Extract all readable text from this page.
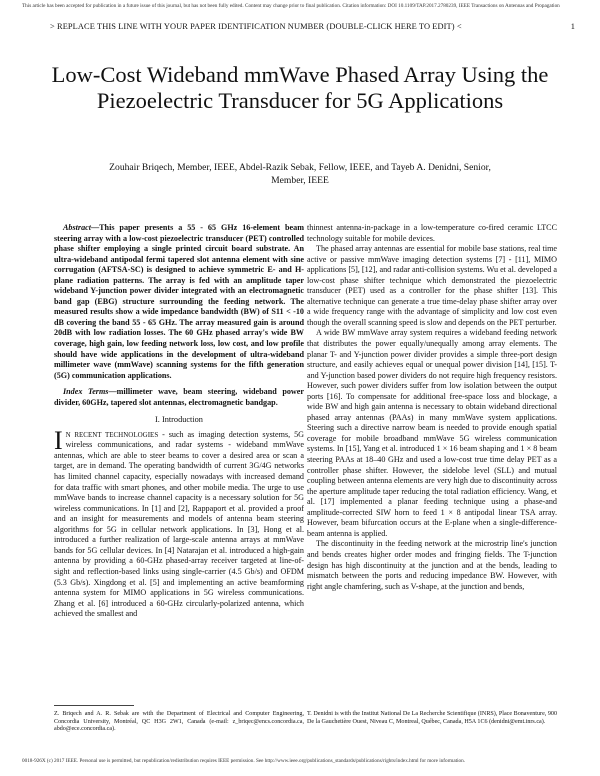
This article has been accepted for publication in a future issue of this journal, but has not been fully edited. Content may change prior to final publication. Citation information: DOI 10.1109/TAP.2017.2780239, IEEE Transactions on Antennas and Propagation
> REPLACE THIS LINE WITH YOUR PAPER IDENTIFICATION NUMBER (DOUBLE-CLICK HERE TO EDIT) <	1
Low-Cost Wideband mmWave Phased Array Using the Piezoelectric Transducer for 5G Applications
Zouhair Briqech, Member, IEEE, Abdel-Razik Sebak, Fellow, IEEE, and Tayeb A. Denidni, Senior, Member, IEEE

Abstract—This paper presents a 55 - 65 GHz 16-element beam steering array with a low-cost piezoelectric transducer (PET) controlled phase shifter employing a single printed circuit board substrate. An ultra-wideband antipodal fermi tapered slot antenna element with sine corrugation (AFTSA-SC) is designed to achieve symmetric E- and H-plane radiation patterns. The array is fed with an amplitude taper wideband Y-junction power divider integrated with an electromagnetic band gap (EBG) structure surrounding the feeding network. The measured results show a wide impedance bandwidth (BW) of S11 < -10 dB covering the band 55 - 65 GHz. The array measured gain is around 20dB with low radiation losses. The 60 GHz phased array's wide BW coverage, high gain, low feeding network loss, low cost, and low profile should have wide applications in the development of ultra-wideband millimeter wave (mmWave) scanning systems for the fifth generation (5G) communication applications.

Index Terms—millimeter wave, beam steering, wideband power divider, 60GHz, tapered slot antennas, electromagnetic bandgap.

I. Introduction

I N RECENT TECHNOLOGIES - such as imaging detection systems, 5G wireless communications, and radar systems - wideband mmWave antennas, which are able to steer beams to cover a desired area or scan a target, are in demand. The operating bandwidth of current 3G/4G networks has limited channel capacity, especially nowadays with increased demand for data traffic with smart phones, and other mobile media. The urge to use mmWave bands to increase channel capacity is a necessary solution for 5G wireless communications. In [1] and [2], Rappaport et al. provided a proof and an insight for measurements and models of antenna beam steering algorithms for 5G in cellular network applications. In [3], Hong et al. introduced a further realization of large-scale antenna arrays at mmWave bands for 5G cellular devices. In [4] Natarajan et al. introduced a high-gain antenna by providing a 60-GHz phased-array receiver targeted at line-of-sight and reflection-based links using single-carrier (4.5 Gb/s) and OFDM (5.3 Gb/s). Xingdong et al. [5] and implementing an active beamforming antenna system for MIMO applications in 5G wireless communications. Zhang et al. [6] introduced a 60-GHz circularly-polarized antenna, which achieved the smallest and

thinnest antenna-in-package in a low-temperature co-fired ceramic LTCC technology suitable for mobile devices.

The phased array antennas are essential for mobile base stations, real time active or passive mmWave imaging detection systems [7] - [11], MIMO applications [5], [12], and radar anti-collision systems. Wu et al. developed a low-cost phase shifter technique which demonstrated the piezoelectric transducer (PET) used as a controller for the phase shifter [13]. This alternative technique can generate a true time-delay phase shifter array over a wide frequency range with the advantage of simplicity and low cost even though the overall scanning speed is slow and depends on the PET perturber.

A wide BW mmWave array system requires a wideband feeding network that distributes the power equally/unequally among array elements. The planar T- and Y-junction power divider provides a simple three-port design structure, and easily achieves equal or unequal power division [14], [15]. T- and Y-junction based power dividers do not require high frequency resistors. However, such power dividers suffer from low isolation between the output ports [16]. To compensate for additional free-space loss and blockage, a wide BW and high gain antenna is necessary to obtain wideband directional phased array antennas (PAAs) in many mmWave system applications. Steering such a directive narrow beam is needed to provide enough spatial coverage for mobile broadband mmWave 5G wireless communication systems. In [15], Yang et al. introduced 1 × 16 beam shaping and 1 × 8 beam steering PAAs at 18–40 GHz and used a low-cost true time delay PET as a controller phase shifter. However, the sidelobe level (SLL) and mutual coupling between antenna elements are very high due to discontinuity across the aperture amplitude taper reducing the total radiation efficiency. Wang, et al. [17] implemented a planar feeding technique using a phase-and amplitude-corrected SIW horn to feed 1 × 8 antipodal linear TSA array. However, beam bifurcation occurs at the E-plane when a single-difference-beam antenna is applied.

The discontinuity in the feeding network at the microstrip line's junction and bends creates higher order modes and fringing fields. The T-junction design has high discontinuity at the junction and at the bends, leading to mismatch between the ports and reducing impedance BW. However, with right angle chamfering, such as V-shape, at the junction and bends,

Z. Briqech and A. R. Sebak are with the Department of Electrical and Computer Engineering, Concordia University, Montréal, QC H3G 2W1, Canada (e-mail: z_briqec@encs.concordia.ca, abdo@ece.concordia.ca).
T. Denidni is with the Institut National De La Recherche Scientifique (INRS), Place Bonaventure, 900 De la Gauchetière Ouest, Niveau C, Montreal, Québec, Canada, H5A 1C6 (denidni@emt.inrs.ca).
0018-926X (c) 2017 IEEE. Personal use is permitted, but republication/redistribution requires IEEE permission. See http://www.ieee.org/publications_standards/publications/rights/index.html for more information.
